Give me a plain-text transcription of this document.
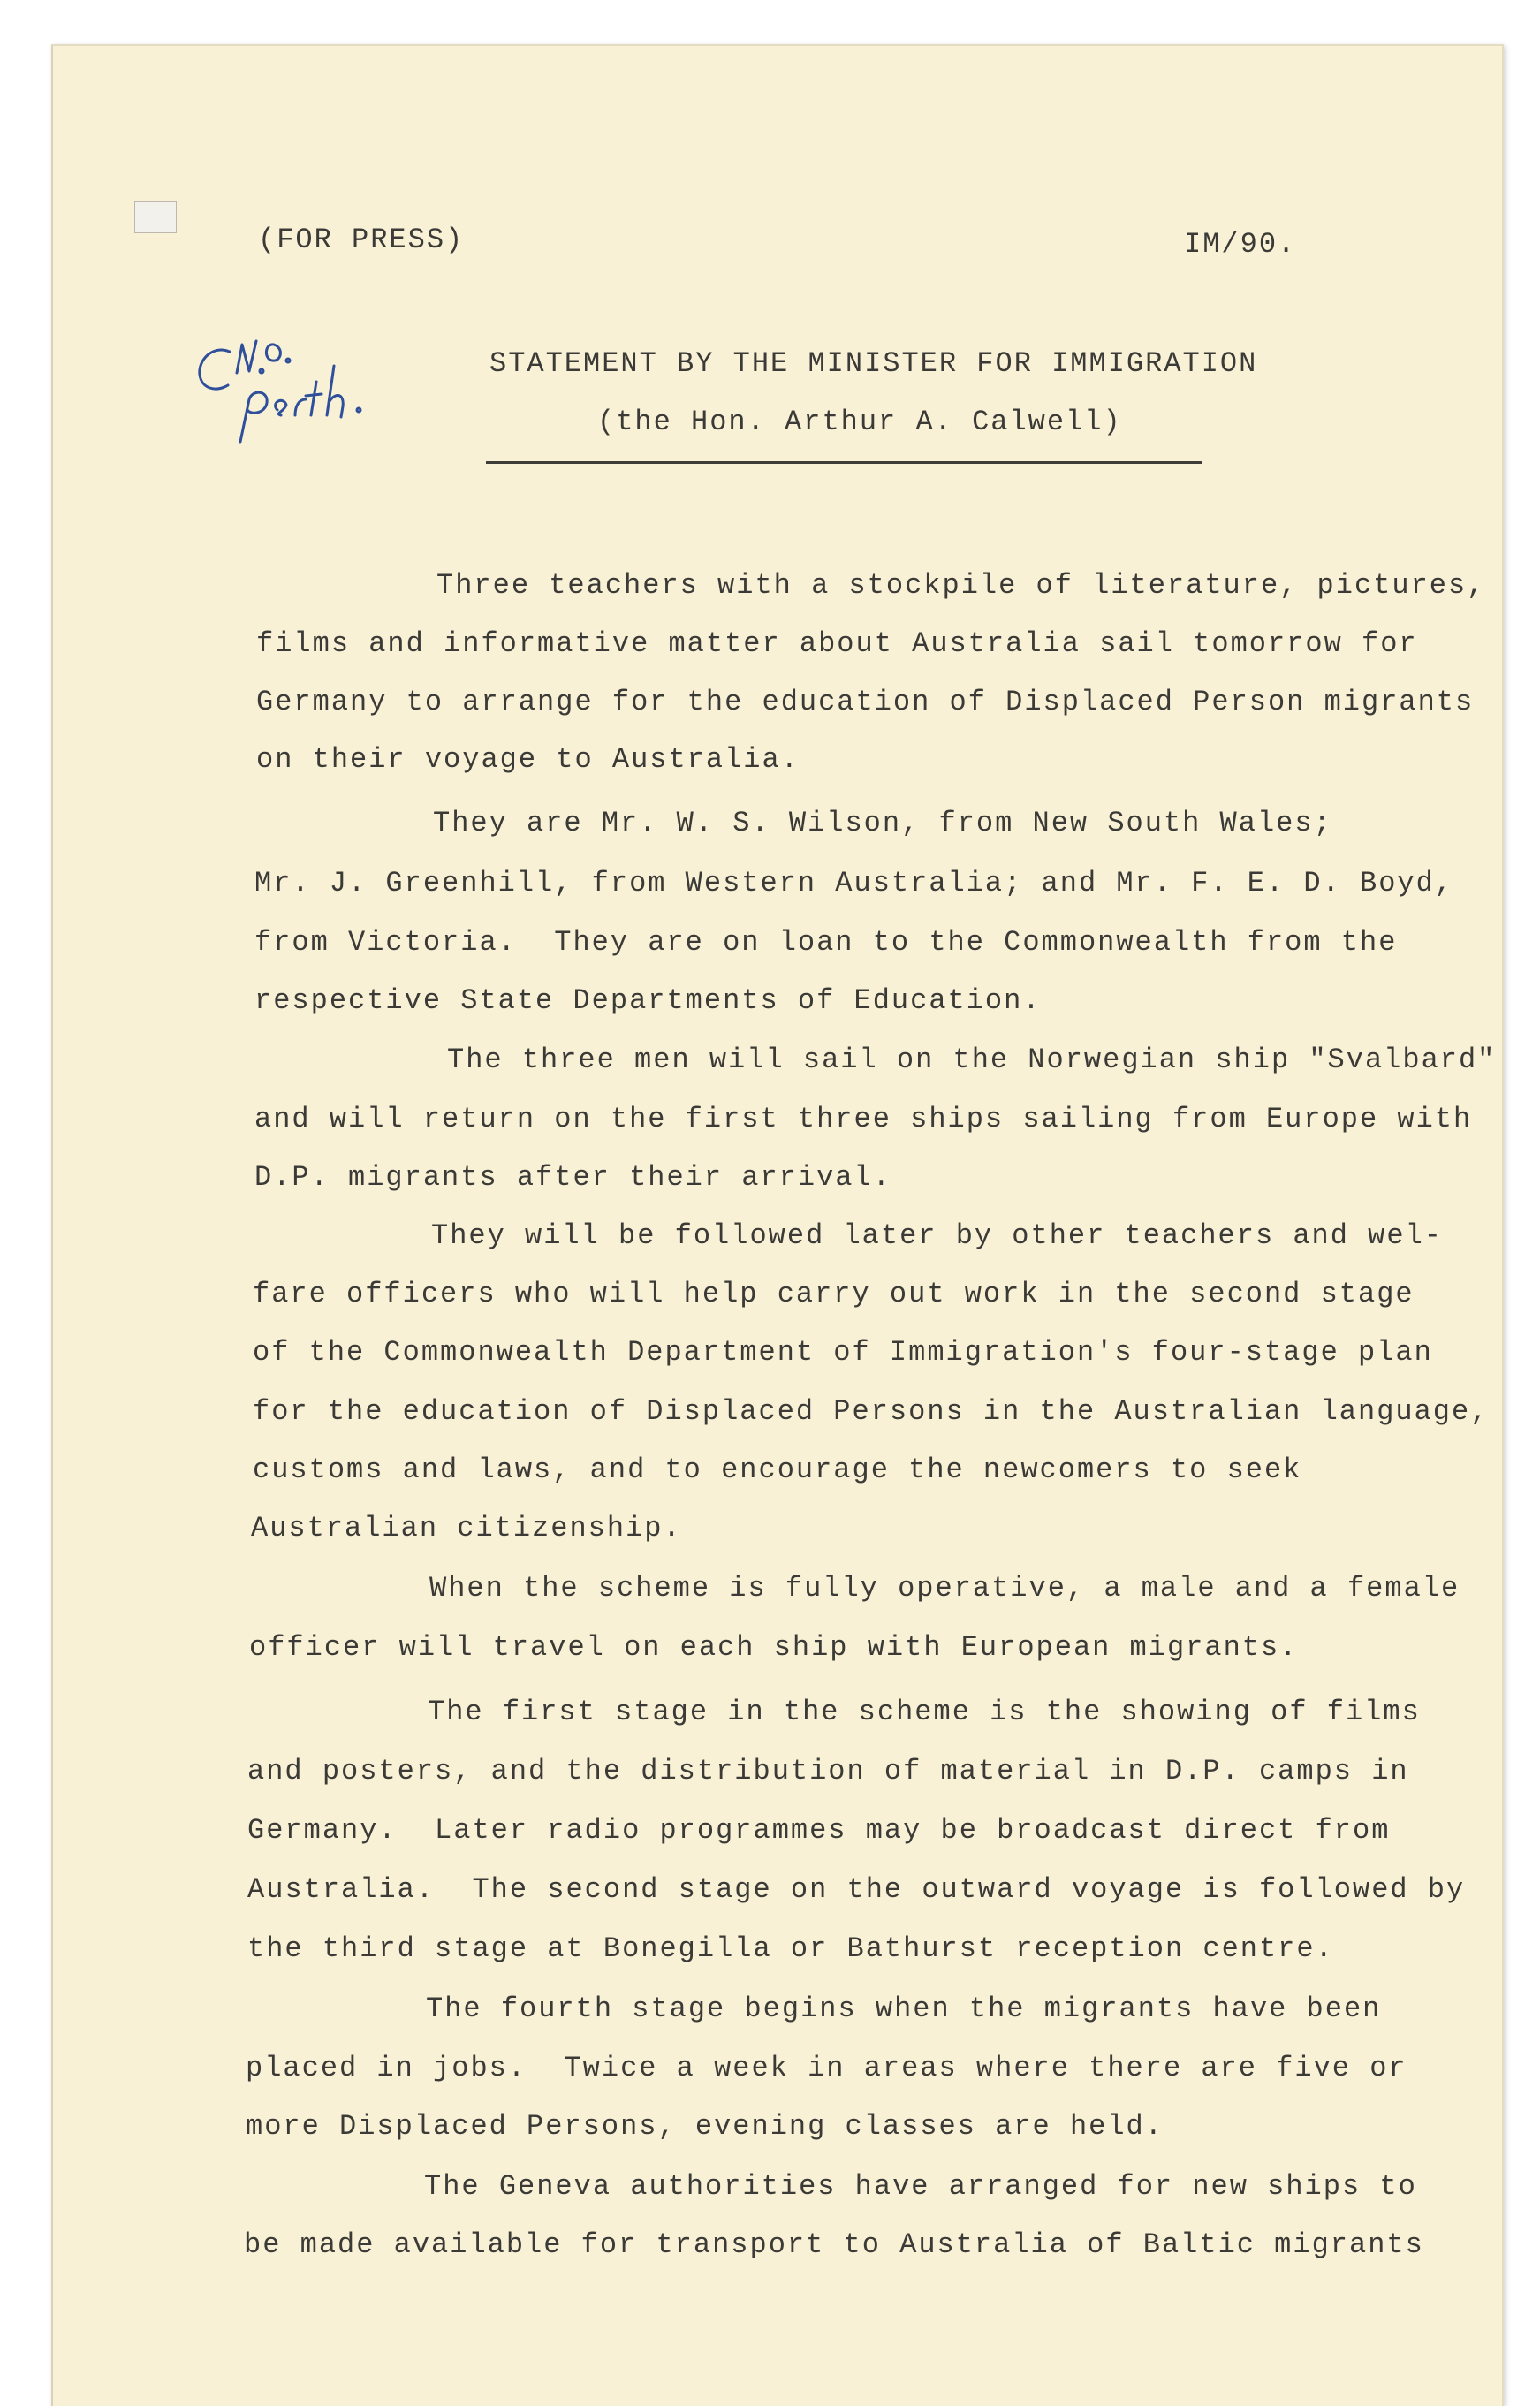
(FOR PRESS)	IM/90.
STATEMENT BY THE MINISTER FOR IMMIGRATION
(the Hon. Arthur A. Calwell)
Three teachers with a stockpile of literature, pictures,
films and informative matter about Australia sail tomorrow for
Germany to arrange for the education of Displaced Person migrants
on their voyage to Australia.
They are Mr. W. S. Wilson, from New South Wales;
Mr. J. Greenhill, from Western Australia; and Mr. F. E. D. Boyd,
from Victoria.  They are on loan to the Commonwealth from the
respective State Departments of Education.
The three men will sail on the Norwegian ship "Svalbard"
and will return on the first three ships sailing from Europe with
D.P. migrants after their arrival.
They will be followed later by other teachers and wel-
fare officers who will help carry out work in the second stage
of the Commonwealth Department of Immigration's four-stage plan
for the education of Displaced Persons in the Australian language,
customs and laws, and to encourage the newcomers to seek
Australian citizenship.
When the scheme is fully operative, a male and a female
officer will travel on each ship with European migrants.
The first stage in the scheme is the showing of films
and posters, and the distribution of material in D.P. camps in
Germany.  Later radio programmes may be broadcast direct from
Australia.  The second stage on the outward voyage is followed by
the third stage at Bonegilla or Bathurst reception centre.
The fourth stage begins when the migrants have been
placed in jobs.  Twice a week in areas where there are five or
more Displaced Persons, evening classes are held.
The Geneva authorities have arranged for new ships to
be made available for transport to Australia of Baltic migrants
